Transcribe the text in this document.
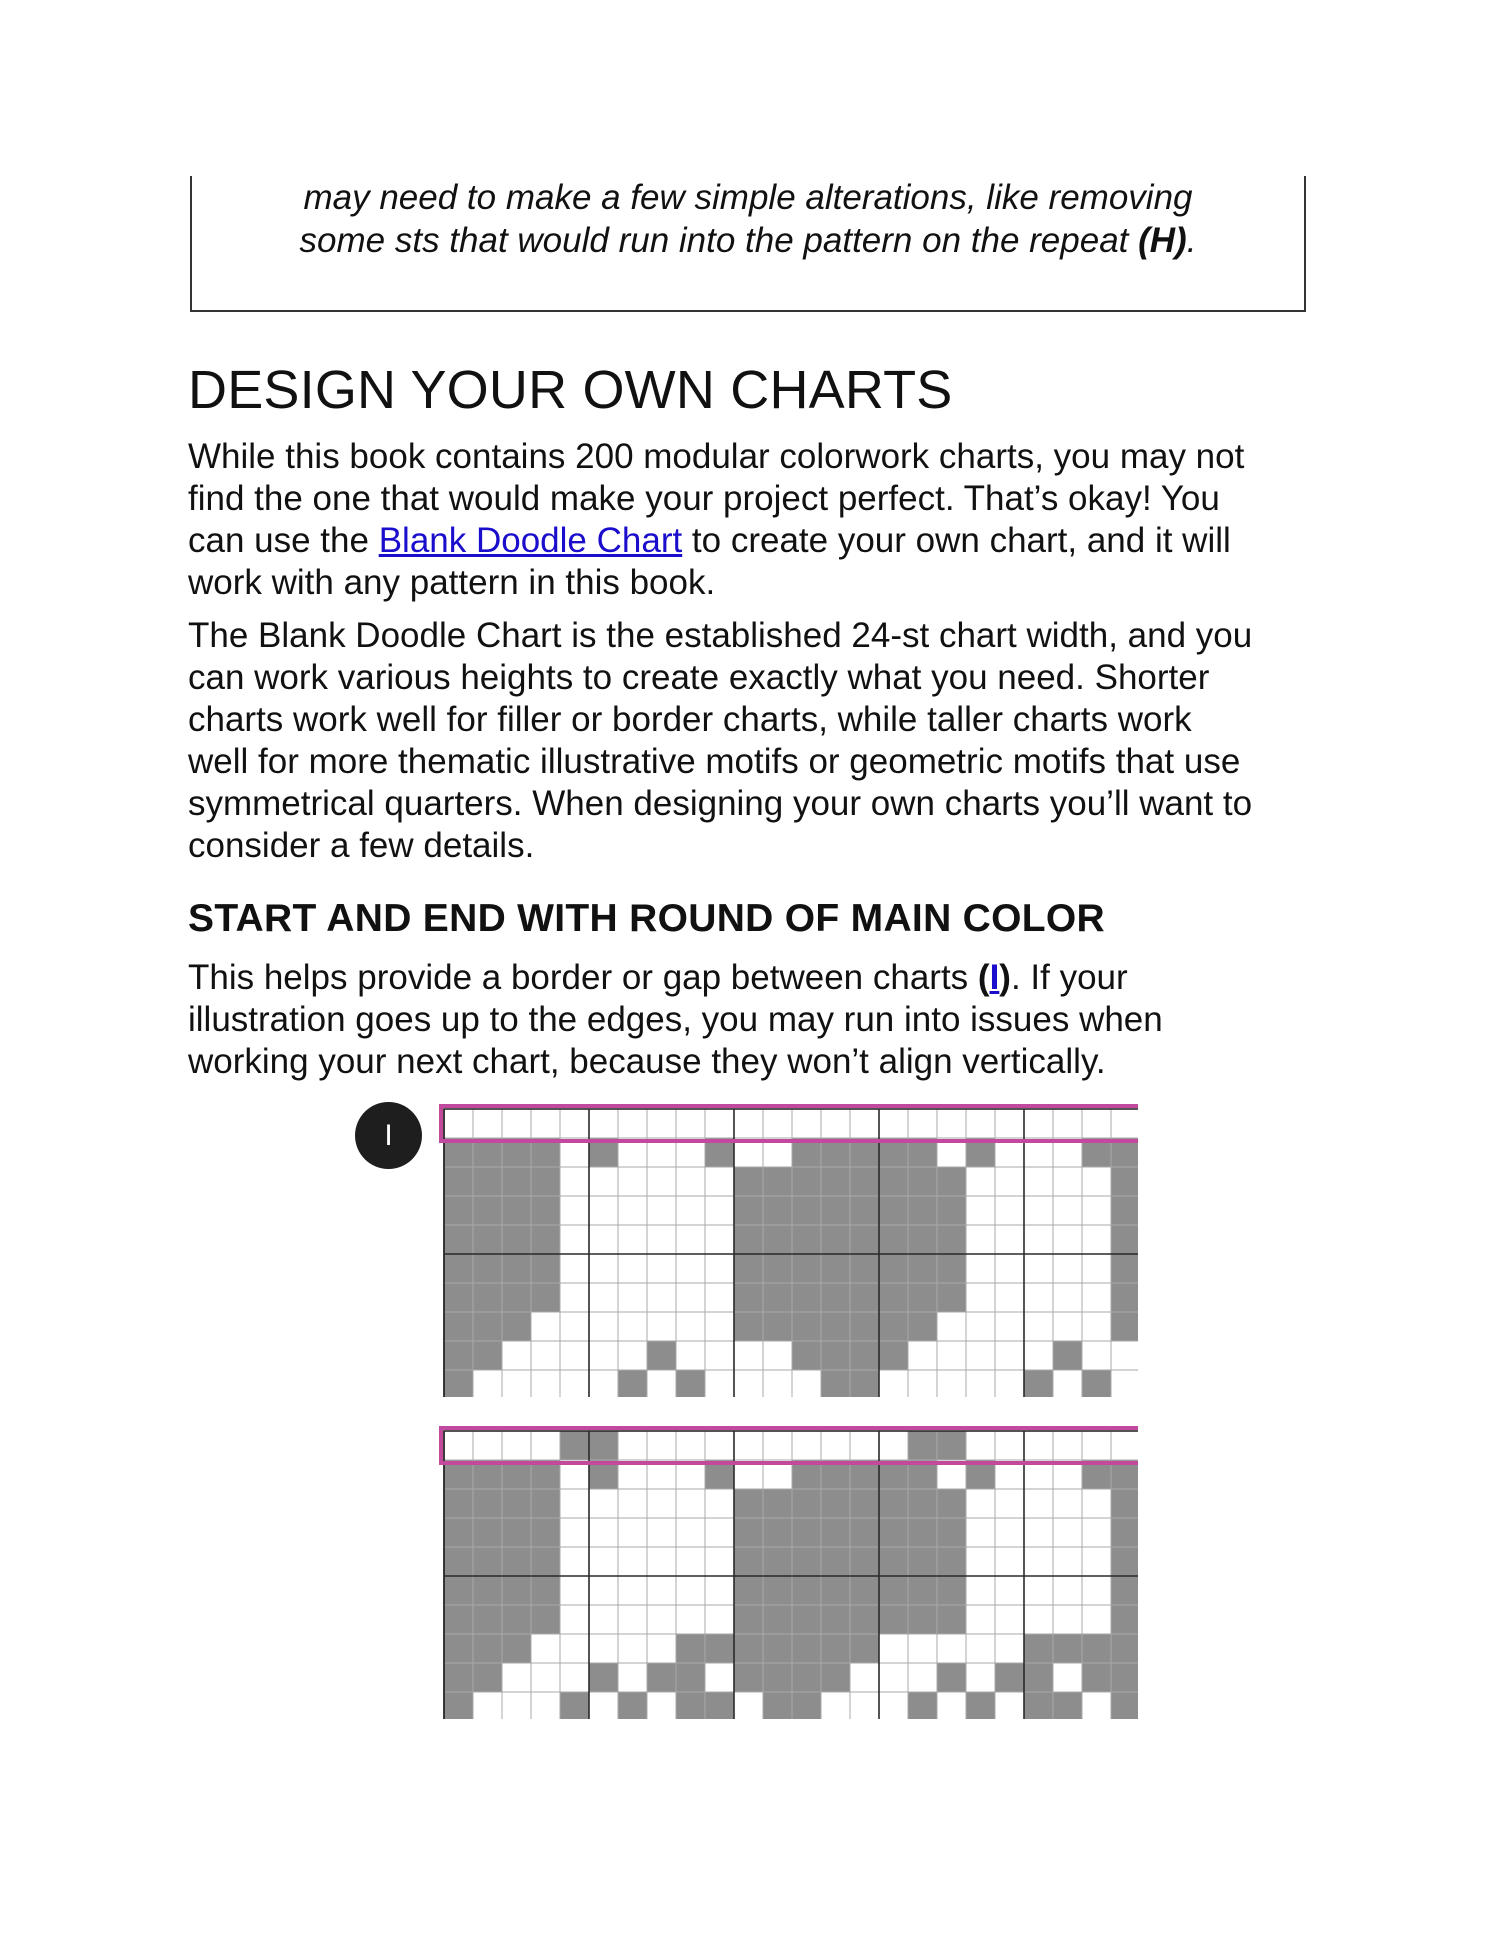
may need to make a few simple alterations, like removing
some sts that would run into the pattern on the repeat (H).

DESIGN YOUR OWN CHARTS

While this book contains 200 modular colorwork charts, you may not
find the one that would make your project perfect. That’s okay! You
can use the Blank Doodle Chart to create your own chart, and it will
work with any pattern in this book.

The Blank Doodle Chart is the established 24-st chart width, and you
can work various heights to create exactly what you need. Shorter
charts work well for filler or border charts, while taller charts work
well for more thematic illustrative motifs or geometric motifs that use
symmetrical quarters. When designing your own charts you’ll want to
consider a few details.

START AND END WITH ROUND OF MAIN COLOR

This helps provide a border or gap between charts (I). If your
illustration goes up to the edges, you may run into issues when
working your next chart, because they won’t align vertically.

I
